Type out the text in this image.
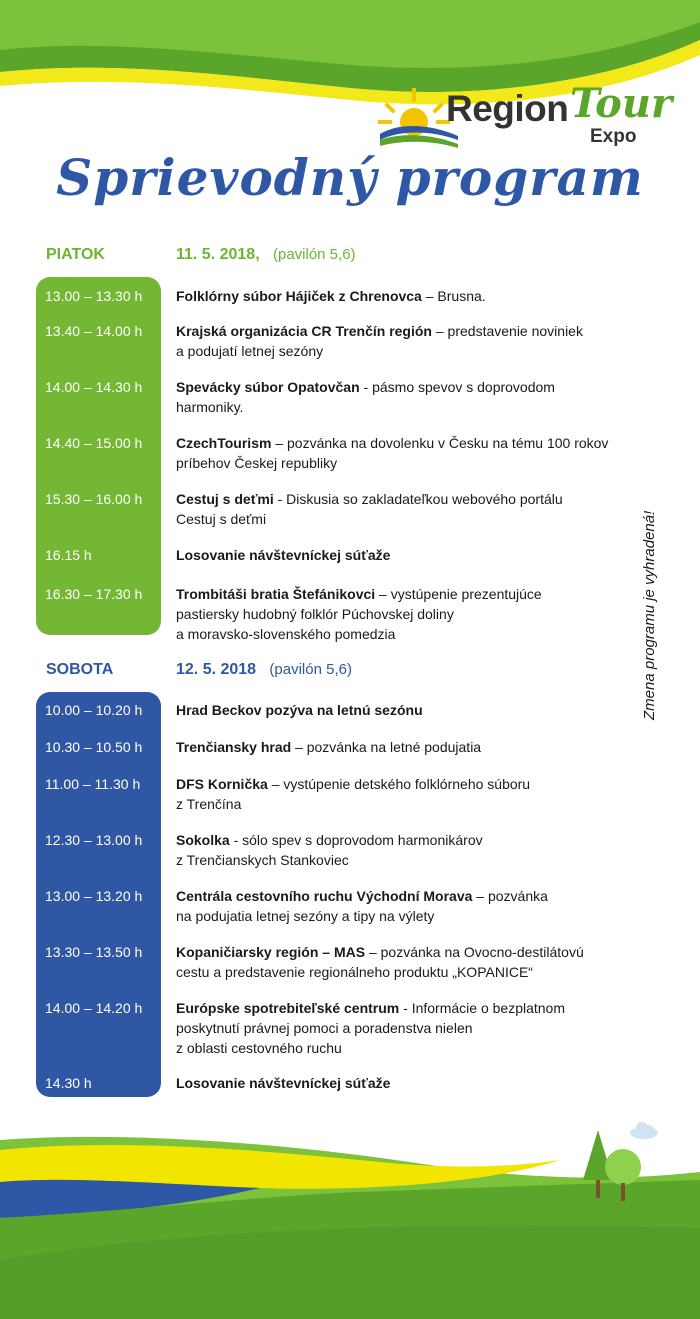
Region Tour
Expo
Sprievodný program
PIATOK	11. 5. 2018, (pavilón 5,6)
13.00 – 13.30 h Folklórny súbor Hájiček z Chrenovca – Brusna.
13.40 – 14.00 h Krajská organizácia CR Trenčín región – predstavenie noviniek
a podujatí letnej sezóny
14.00 – 14.30 h Spevácky súbor Opatovčan - pásmo spevov s doprovodom
harmoniky.
14.40 – 15.00 h CzechTourism – pozvánka na dovolenku v Česku na tému 100 rokov
príbehov Českej republiky
15.30 – 16.00 h Cestuj s deťmi - Diskusia so zakladateľkou webového portálu
Cestuj s deťmi
16.15 h	Losovanie návštevníckej súťaže
16.30 – 17.30 h Trombitáši bratia Štefánikovci – vystúpenie prezentujúce
pastiersky hudobný folklór Púchovskej doliny
a moravsko-slovenského pomedzia
SOBOTA	12. 5. 2018 (pavilón 5,6)
10.00 – 10.20 h Hrad Beckov pozýva na letnú sezónu
10.30 – 10.50 h Trenčiansky hrad – pozvánka na letné podujatia
11.00 – 11.30 h	DFS Kornička – vystúpenie detského folklórneho súboru
z Trenčína
12.30 – 13.00 h Sokolka - sólo spev s doprovodom harmonikárov
z Trenčianskych Stankoviec
13.00 – 13.20 h Centrála cestovního ruchu Východní Morava – pozvánka
na podujatia letnej sezóny a tipy na výlety
13.30 – 13.50 h Kopaničiarsky región – MAS – pozvánka na Ovocno-destilátovú
cestu a predstavenie regionálneho produktu „KOPANICE“
14.00 – 14.20 h Európske spotrebiteľské centrum - Informácie o bezplatnom
poskytnutí právnej pomoci a poradenstva nielen
z oblasti cestovného ruchu
14.30 h	Losovanie návštevníckej súťaže
Zmena programu je vyhradená!
